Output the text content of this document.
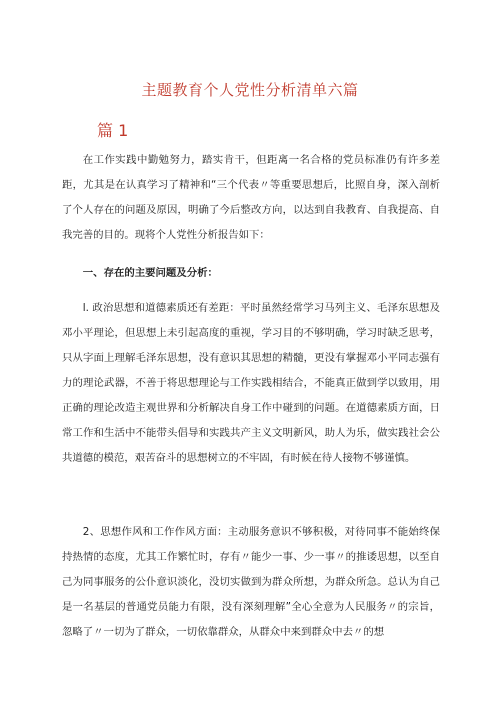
主题教育个人党性分析清单六篇
篇 1

在工作实践中勤勉努力，踏实肯干，但距离一名合格的党员标准仍有许多差距，尤其是在认真学习了精神和“三个代表〃等重要思想后，比照自身，深入剖析了个人存在的问题及原因，明确了今后整改方向，以达到自我教育、自我提高、自我完善的目的。现将个人党性分析报告如下：

一、存在的主要问题及分析：

l. 政治思想和道德素质还有差距：平时虽然经常学习马列主义、毛泽东思想及邓小平理论，但思想上未引起高度的重视，学习目的不够明确，学习时缺乏思考，只从字面上理解毛泽东思想，没有意识其思想的精髓，更没有掌握邓小平同志强有力的理论武器，不善于将思想理论与工作实践相结合，不能真正做到学以致用，用正确的理论改造主观世界和分析解决自身工作中碰到的问题。在道德素质方面，日常工作和生活中不能带头倡导和实践共产主义文明新风，助人为乐，做实践社会公共道德的模范，艰苦奋斗的思想树立的不牢固，有时候在待人接物不够谨慎。

2、思想作风和工作作风方面：主动服务意识不够积极，对待同事不能始终保持热情的态度，尤其工作繁忙时，存有〃能少一事、少一事〃的推诿思想，以至自己为同事服务的公仆意识淡化，没切实做到为群众所想，为群众所急。总认为自己是一名基层的普通党员能力有限，没有深刻理解”全心全意为人民服务〃的宗旨，忽略了〃一切为了群众，一切依靠群众，从群众中来到群众中去〃的想
